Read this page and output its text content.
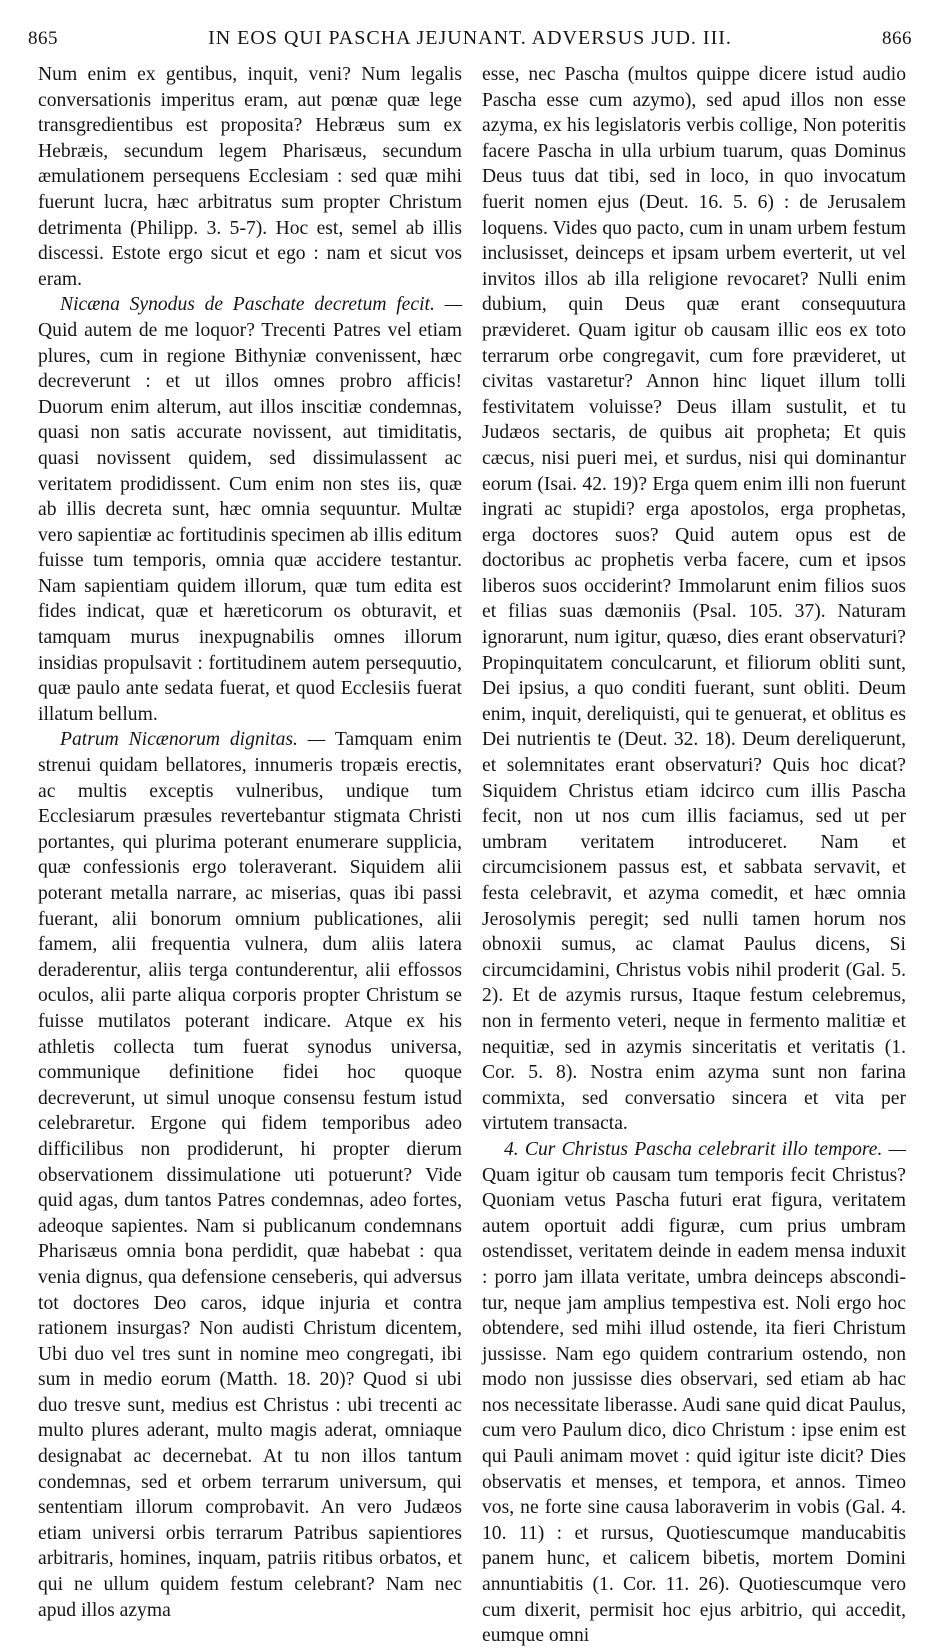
865	IN EOS QUI PASCHA JEJUNANT. ADVERSUS JUD. III.	866

Num enim ex gentibus, inquit, veni? Num legalis conversationis imperitus eram, aut pœnæ quæ lege transgredientibus est proposita? Hebræus sum ex Hebræis, secundum legem Pharisæus, secundum æmulationem persequens Ecclesiam : sed quæ mihi fuerunt lucra, hæc arbitratus sum propter Christum detrimenta (Philipp. 3. 5-7). Hoc est, semel ab illis discessi. Estote ergo sicut et ego : nam et sicut vos eram.

Nicæna Synodus de Paschate decretum fecit. — Quid autem de me loquor? Trecenti Patres vel etiam plures, cum in regione Bithyniæ convenissent, hæc decreverunt : et ut illos omnes probro afficis! Duorum enim alterum, aut illos inscitiæ condemnas, quasi non satis accurate novissent, aut timiditatis, quasi novissent quidem, sed dissimulassent ac veritatem prodidissent. Cum enim non stes iis, quæ ab illis decreta sunt, hæc omnia sequuntur. Multæ vero sapientiæ ac fortitudinis specimen ab illis editum fuisse tum temporis, omnia quæ accidere testantur. Nam sapientiam quidem illorum, quæ tum edita est fides indicat, quæ et hæreticorum os obturavit, et tamquam murus inexpugnabilis omnes illorum insidias propulsavit : fortitudinem autem persequutio, quæ paulo ante sedata fuerat, et quod Ecclesiis fuerat illatum bellum.

Patrum Nicænorum dignitas. — Tamquam enim strenui quidam bellatores, innumeris tropæis erectis, ac multis exceptis vulneribus, undique tum Ecclesiarum præsules revertebantur stigmata Christi portantes, qui plurima poterant enumerare supplicia, quæ confessionis ergo toleraverant. Siquidem alii poterant metalla narrare, ac miserias, quas ibi passi fuerant, alii bonorum omnium publicationes, alii famem, alii frequentia vulnera, dum aliis latera deraderentur, aliis terga contunderentur, alii effossos oculos, alii parte aliqua corporis propter Christum se fuisse mutilatos poterant indicare. Atque ex his athletis collecta tum fuerat synodus universa, communique definitione fidei hoc quoque decreverunt, ut simul unoque consensu festum istud celebraretur. Ergone qui fidem temporibus adeo difficilibus non prodiderunt, hi propter dierum observationem dissimulatione uti potuerunt? Vide quid agas, dum tantos Patres condemnas, adeo fortes, adeoque sapientes. Nam si publicanum condemnans Pharisæus omnia bona perdidit, quæ habebat : qua venia dignus, qua defensione censeberis, qui adversus tot doctores Deo caros, idque injuria et contra rationem insurgas? Non audisti Christum dicentem, Ubi duo vel tres sunt in nomine meo congregati, ibi sum in medio eorum (Matth. 18. 20)? Quod si ubi duo tresve sunt, medius est Christus : ubi trecenti ac multo plures aderant, multo magis aderat, omniaque designabat ac decernebat. At tu non illos tantum condemnas, sed et orbem terrarum universum, qui sententiam illorum comprobavit. An vero Judæos etiam universi orbis terrarum Patribus sapientiores arbitraris, homines, inquam, patriis ritibus orbatos, et qui ne ullum quidem festum celebrant? Nam nec apud illos azyma

esse, nec Pascha (multos quippe dicere istud audio Pascha esse cum azymo), sed apud illos non esse azyma, ex his legislatoris verbis collige, Non poteritis facere Pascha in ulla urbium tuarum, quas Dominus Deus tuus dat tibi, sed in loco, in quo invocatum fuerit nomen ejus (Deut. 16. 5. 6) : de Jerusalem loquens. Vides quo pacto, cum in unam urbem festum inclusisset, deinceps et ipsam urbem everterit, ut vel invitos illos ab illa religione revocaret? Nulli enim dubium, quin Deus quæ erant consequutura prævideret. Quam igitur ob causam illic eos ex toto terrarum orbe congregavit, cum fore prævideret, ut civitas vastaretur? Annon hinc liquet illum tolli festivitatem voluisse? Deus illam sustulit, et tu Judæos sectaris, de quibus ait propheta; Et quis cæcus, nisi pueri mei, et surdus, nisi qui dominantur eorum (Isai. 42. 19)? Erga quem enim illi non fuerunt ingrati ac stupidi? erga apostolos, erga prophetas, erga doctores suos? Quid autem opus est de doctoribus ac prophetis verba facere, cum et ipsos liberos suos occiderint? Immolarunt enim filios suos et filias suas dæmoniis (Psal. 105. 37). Naturam ignorarunt, num igitur, quæso, dies erant observaturi? Propinquitatem conculcarunt, et filiorum obliti sunt, Dei ipsius, a quo conditi fuerant, sunt obliti. Deum enim, inquit, dereliquisti, qui te genuerat, et oblitus es Dei nutrientis te (Deut. 32. 18). Deum dereliquerunt, et solemnitates erant observaturi? Quis hoc dicat? Siquidem Christus etiam idcirco cum illis Pascha fecit, non ut nos cum illis faciamus, sed ut per umbram veritatem introduceret. Nam et circumcisionem passus est, et sabbata servavit, et festa celebravit, et azyma comedit, et hæc omnia Jerosolymis peregit; sed nulli tamen horum nos obnoxii sumus, ac clamat Paulus dicens, Si circumcidamini, Christus vobis nihil proderit (Gal. 5. 2). Et de azymis rursus, Itaque festum celebremus, non in fermento veteri, neque in fermento malitiæ et nequitiæ, sed in azymis sinceritatis et veritatis (1. Cor. 5. 8). Nostra enim azyma sunt non farina commixta, sed conversatio sincera et vita per virtutem transacta.

4. Cur Christus Pascha celebrarit illo tempore. — Quam igitur ob causam tum temporis fecit Christus? Quoniam vetus Pascha futuri erat figura, veritatem autem oportuit addi figuræ, cum prius umbram ostendisset, veritatem deinde in eadem mensa induxit : porro jam illata veritate, umbra deinceps abscondi-tur, neque jam amplius tempestiva est. Noli ergo hoc obtendere, sed mihi illud ostende, ita fieri Christum jussisse. Nam ego quidem contrarium ostendo, non modo non jussisse dies observari, sed etiam ab hac nos necessitate liberasse. Audi sane quid dicat Paulus, cum vero Paulum dico, dico Christum : ipse enim est qui Pauli animam movet : quid igitur iste dicit? Dies observatis et menses, et tempora, et annos. Timeo vos, ne forte sine causa laboraverim in vobis (Gal. 4. 10. 11) : et rursus, Quotiescumque manducabitis panem hunc, et calicem bibetis, mortem Domini annuntiabitis (1. Cor. 11. 26). Quotiescumque vero cum dixerit, permisit hoc ejus arbitrio, qui accedit, eumque omni
